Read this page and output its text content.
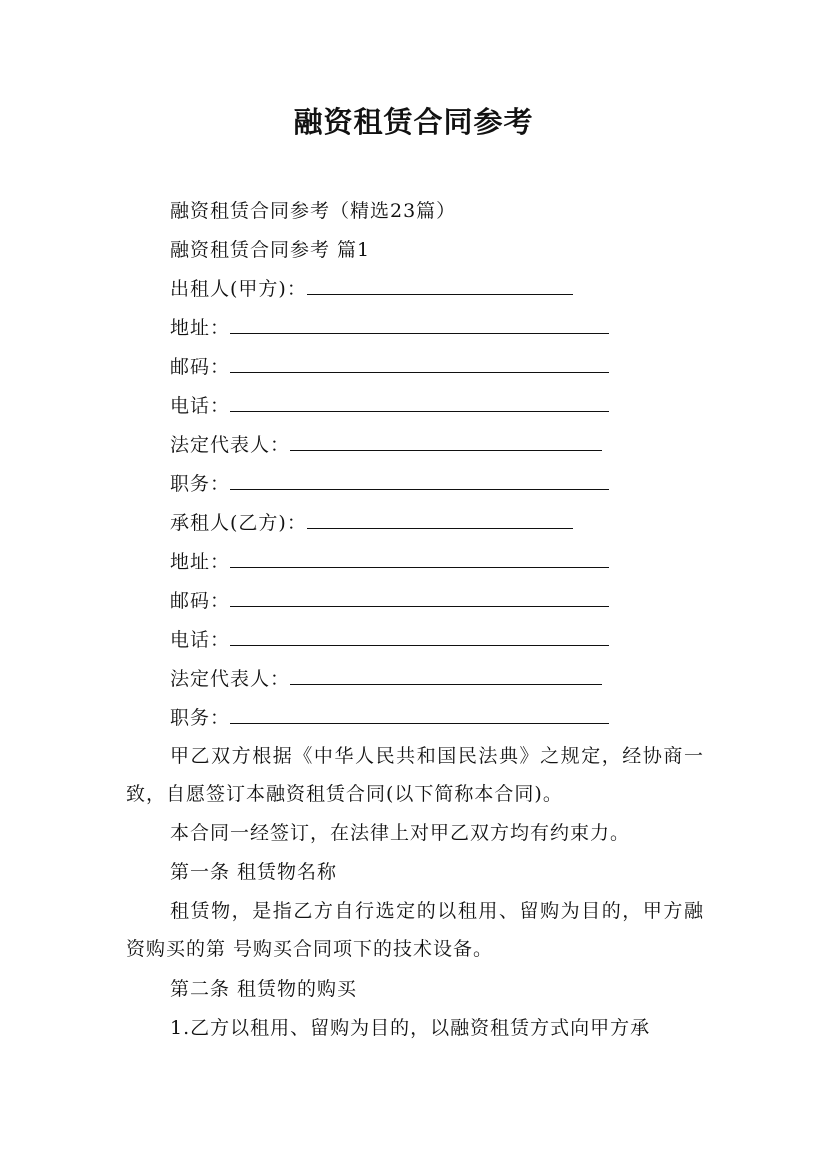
融资租赁合同参考
融资租赁合同参考（精选23篇）
融资租赁合同参考 篇1
出租人(甲方)：
地址：
邮码：
电话：
法定代表人：
职务：
承租人(乙方)：
地址：
邮码：
电话：
法定代表人：
职务：

甲乙双方根据《中华人民共和国民法典》之规定，经协商一致，自愿签订本融资租赁合同(以下简称本合同)。

本合同一经签订，在法律上对甲乙双方均有约束力。
第一条 租赁物名称

租赁物，是指乙方自行选定的以租用、留购为目的，甲方融资购买的第 号购买合同项下的技术设备。

第二条 租赁物的购买
1.乙方以租用、留购为目的，以融资租赁方式向甲方承
